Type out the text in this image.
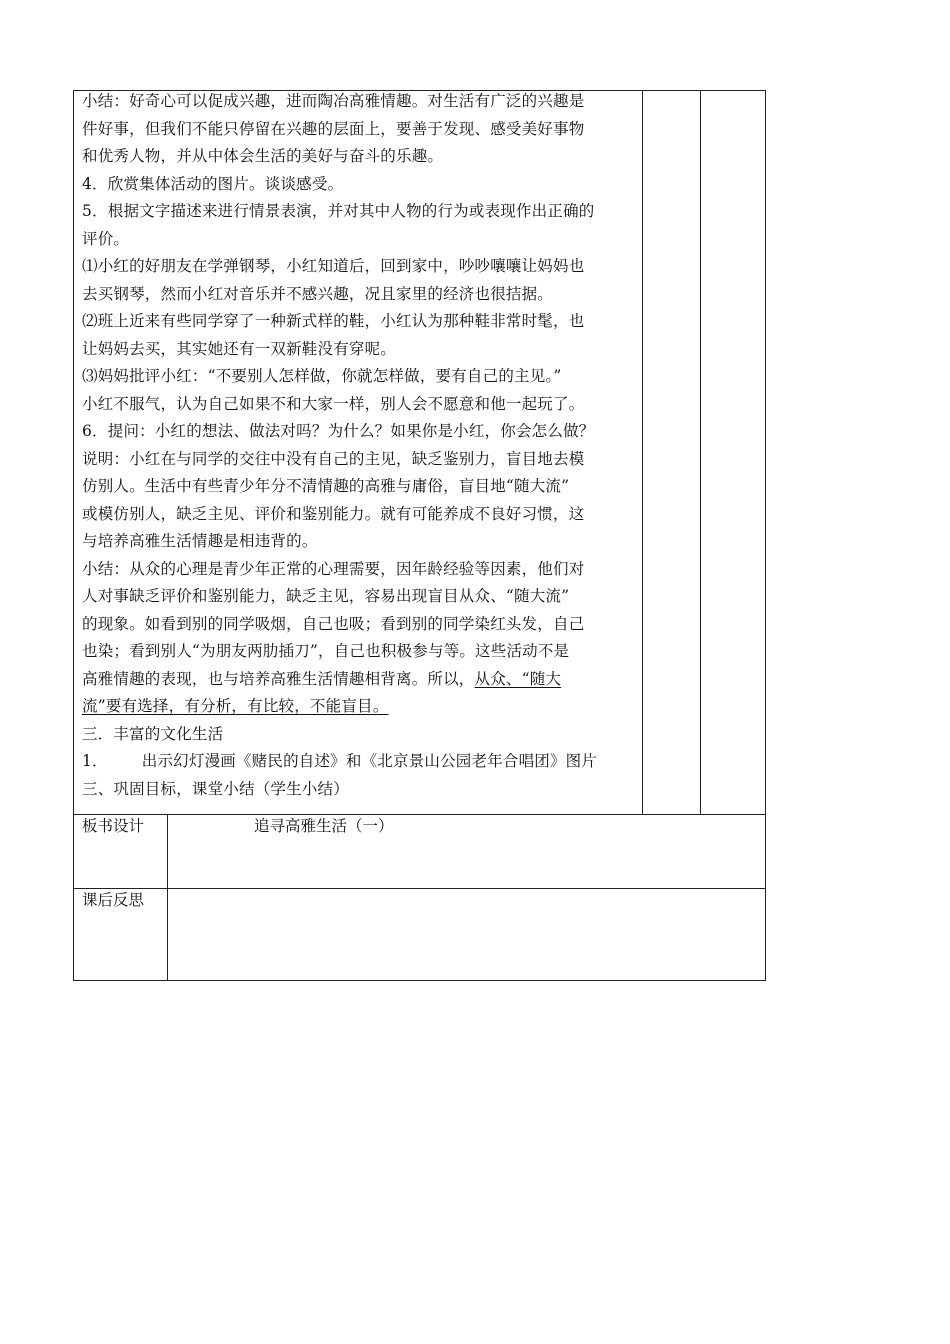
小结：好奇心可以促成兴趣，进而陶冶高雅情趣。对生活有广泛的兴趣是
件好事，但我们不能只停留在兴趣的层面上，要善于发现、感受美好事物
和优秀人物，并从中体会生活的美好与奋斗的乐趣。
4．欣赏集体活动的图片。谈谈感受。
5．根据文字描述来进行情景表演，并对其中人物的行为或表现作出正确的
评价。
⑴小红的好朋友在学弹钢琴，小红知道后，回到家中，吵吵嚷嚷让妈妈也
去买钢琴，然而小红对音乐并不感兴趣，况且家里的经济也很拮据。
⑵班上近来有些同学穿了一种新式样的鞋，小红认为那种鞋非常时髦，也
让妈妈去买，其实她还有一双新鞋没有穿呢。
⑶妈妈批评小红：“不要别人怎样做，你就怎样做，要有自己的主见。”
小红不服气，认为自己如果不和大家一样，别人会不愿意和他一起玩了。
6．提问：小红的想法、做法对吗？为什么？如果你是小红，你会怎么做？
说明：小红在与同学的交往中没有自己的主见，缺乏鉴别力，盲目地去模
仿别人。生活中有些青少年分不清情趣的高雅与庸俗，盲目地“随大流”
或模仿别人，缺乏主见、评价和鉴别能力。就有可能养成不良好习惯，这
与培养高雅生活情趣是相违背的。
小结：从众的心理是青少年正常的心理需要，因年龄经验等因素，他们对
人对事缺乏评价和鉴别能力，缺乏主见，容易出现盲目从众、“随大流”
的现象。如看到别的同学吸烟，自己也吸；看到别的同学染红头发，自己
也染；看到别人“为朋友两肋插刀”，自己也积极参与等。这些活动不是
高雅情趣的表现，也与培养高雅生活情趣相背离。所以，从众、“随大
流”要有选择，有分析，有比较，不能盲目。
三．丰富的文化生活
1． 出示幻灯漫画《赌民的自述》和《北京景山公园老年合唱团》图片
三、巩固目标，课堂小结（学生小结）
板书设计	追寻高雅生活（一）
课后反思
